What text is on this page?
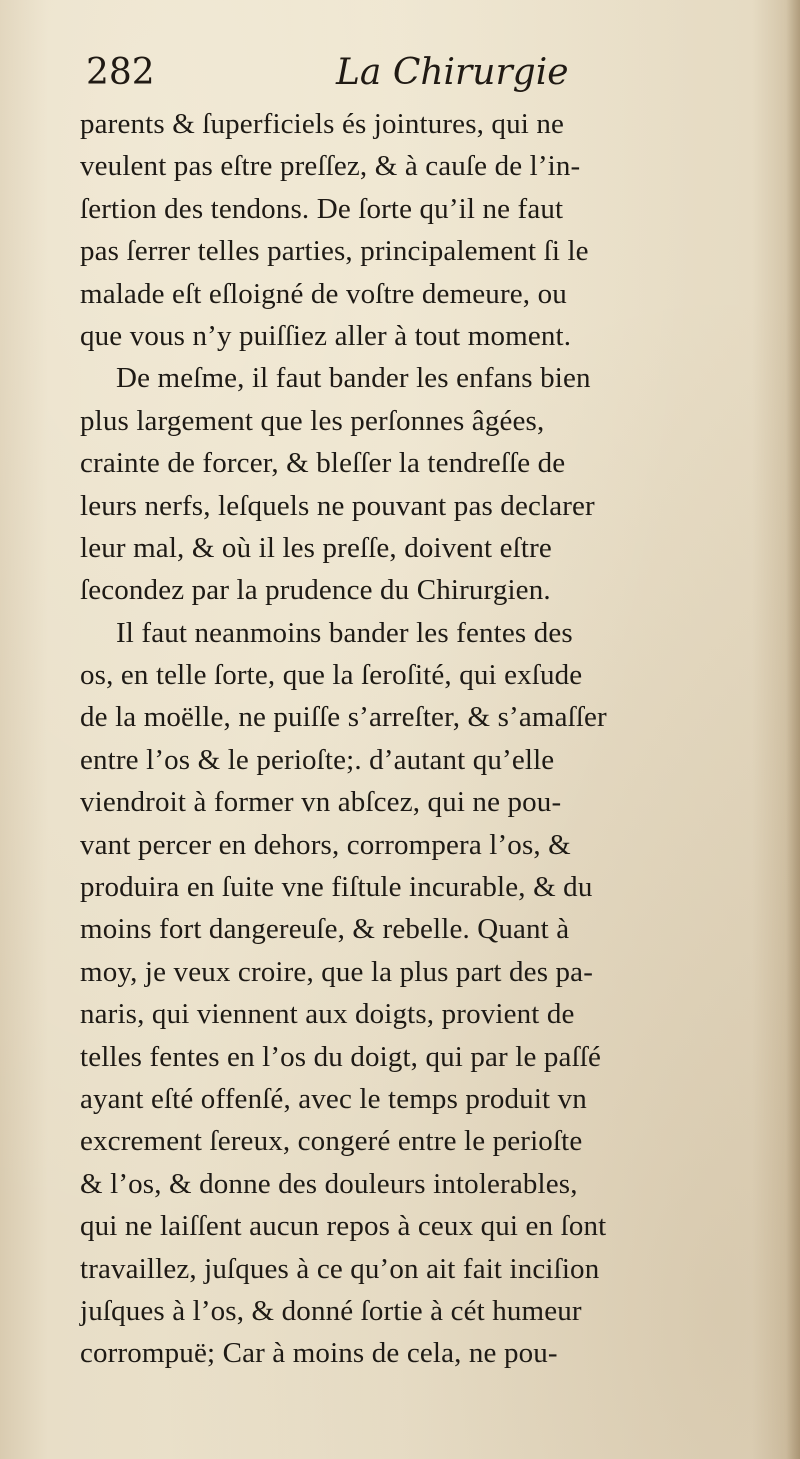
282	La Chirurgie
parents & ſuperficiels és jointures, qui ne
veulent pas eſtre preſſez, & à cauſe de l’in-
ſertion des tendons. De ſorte qu’il ne faut
pas ſerrer telles parties, principalement ſi le
malade eſt eſloigné de voſtre demeure, ou
que vous n’y puiſſiez aller à tout moment.
De meſme, il faut bander les enfans bien
plus largement que les perſonnes âgées,
crainte de forcer, & bleſſer la tendreſſe de
leurs nerfs, leſquels ne pouvant pas declarer
leur mal, & où il les preſſe, doivent eſtre
ſecondez par la prudence du Chirurgien.
Il faut neanmoins bander les fentes des
os, en telle ſorte, que la ſeroſité, qui exſude
de la moëlle, ne puiſſe s’arreſter, & s’amaſſer
entre l’os & le perioſte;. d’autant qu’elle
viendroit à former vn abſcez, qui ne pou-
vant percer en dehors, corrompera l’os, &
produira en ſuite vne fiſtule incurable, & du
moins fort dangereuſe, & rebelle. Quant à
moy, je veux croire, que la plus part des pa-
naris, qui viennent aux doigts, provient de
telles fentes en l’os du doigt, qui par le paſſé
ayant eſté offenſé, avec le temps produit vn
excrement ſereux, congeré entre le perioſte
& l’os, & donne des douleurs intolerables,
qui ne laiſſent aucun repos à ceux qui en ſont
travaillez, juſques à ce qu’on ait fait inciſion
juſques à l’os, & donné ſortie à cét humeur
corrompuë; Car à moins de cela, ne pou-
